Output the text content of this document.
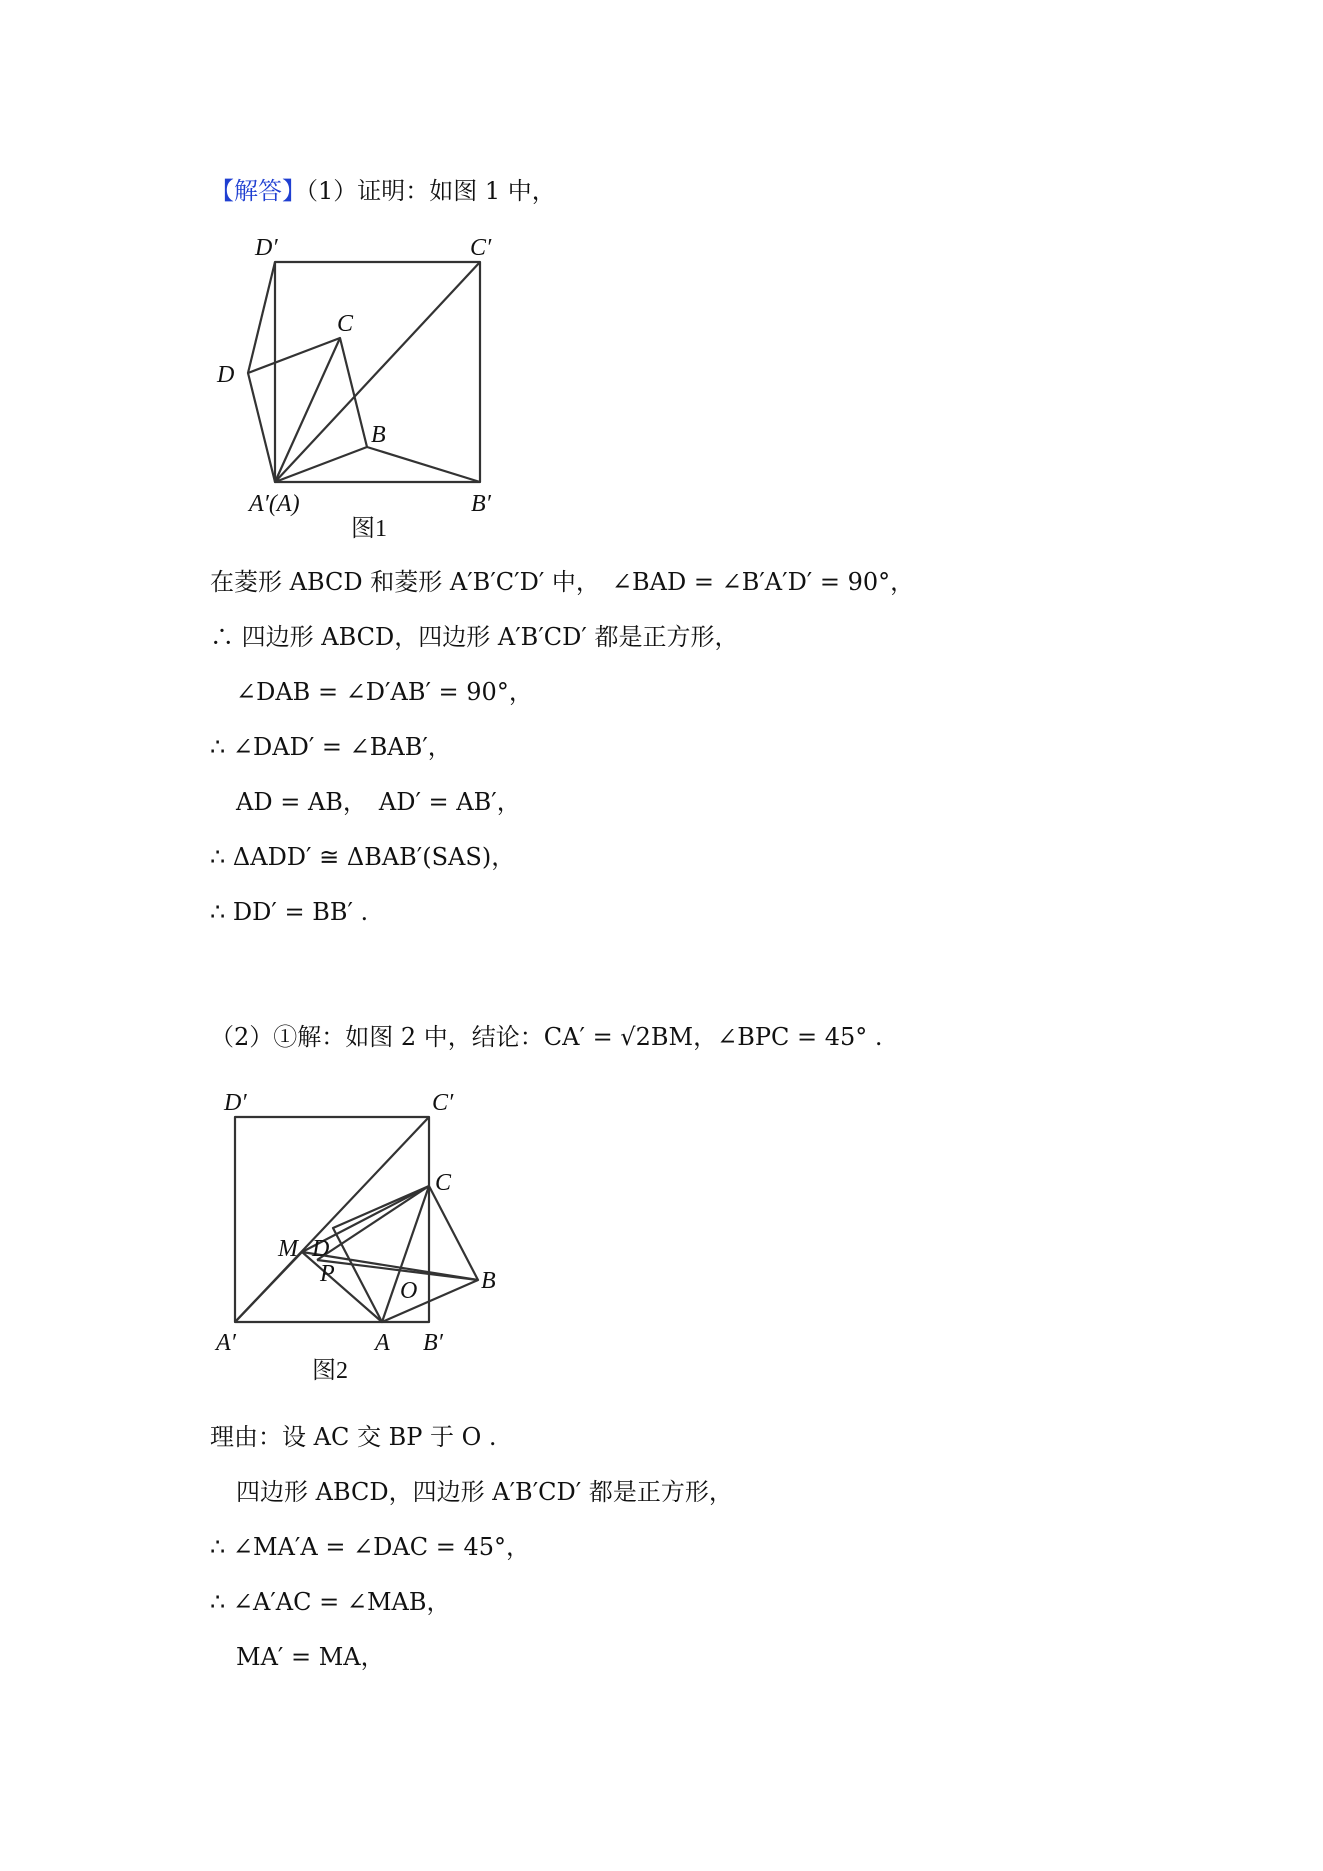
【解答】（1）证明：如图 1 中，
D′	C′
C
D
B
A′(A)	B′
图1
在菱形 ABCD 和菱形 A′B′C′D′ 中，　∠BAD = ∠B′A′D′ = 90°，
∴ 四边形 ABCD，四边形 A′B′CD′ 都是正方形，
∠DAB = ∠D′AB′ = 90°，
∴ ∠DAD′ = ∠BAB′，
AD = AB，　AD′ = AB′，
∴ ΔADD′ ≅ ΔBAB′(SAS)，
∴ DD′ = BB′ .
（2）①解：如图 2 中，结论：CA′ = √2BM，∠BPC = 45° .
D′	C′
C
M D
P
O	B
A′	A B′
图2
理由：设 AC 交 BP 于 O .
四边形 ABCD，四边形 A′B′CD′ 都是正方形，
∴ ∠MA′A = ∠DAC = 45°，
∴ ∠A′AC = ∠MAB，
MA′ = MA，
